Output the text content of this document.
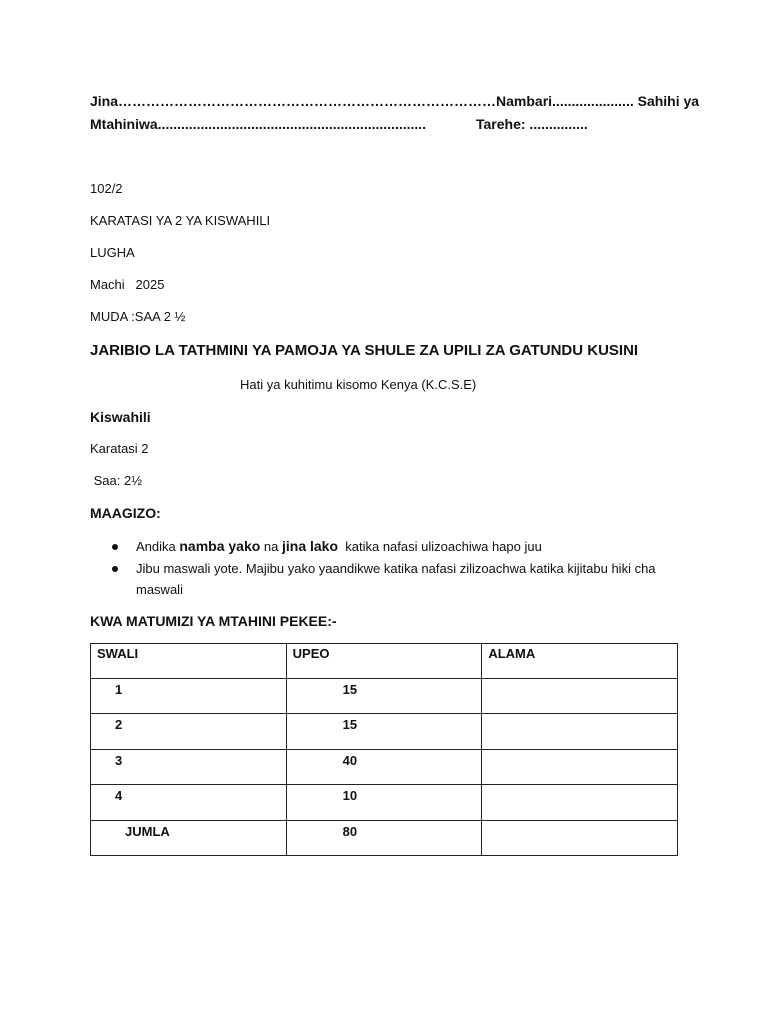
Jina………………………………………………………………………Nambari..................... Sahihi ya
Mtahiniwa.....................................................................	Tarehe: ...............
102/2
KARATASI YA 2 YA KISWAHILI
LUGHA
Machi   2025
MUDA :SAA 2 ½
JARIBIO LA TATHMINI YA PAMOJA YA SHULE ZA UPILI ZA GATUNDU KUSINI
Hati ya kuhitimu kisomo Kenya (K.C.S.E)
Kiswahili
Karatasi 2
Saa: 2½
MAAGIZO:
Andika namba yako na jina lako  katika nafasi ulizoachiwa hapo juu
Jibu maswali yote. Majibu yako yaandikwe katika nafasi zilizoachwa katika kijitabu hiki cha maswali
KWA MATUMIZI YA MTAHINI PEKEE:-
SWALI	UPEO	ALAMA
1	15	
2	15	
3	40	
4	10	
JUMLA	80	
